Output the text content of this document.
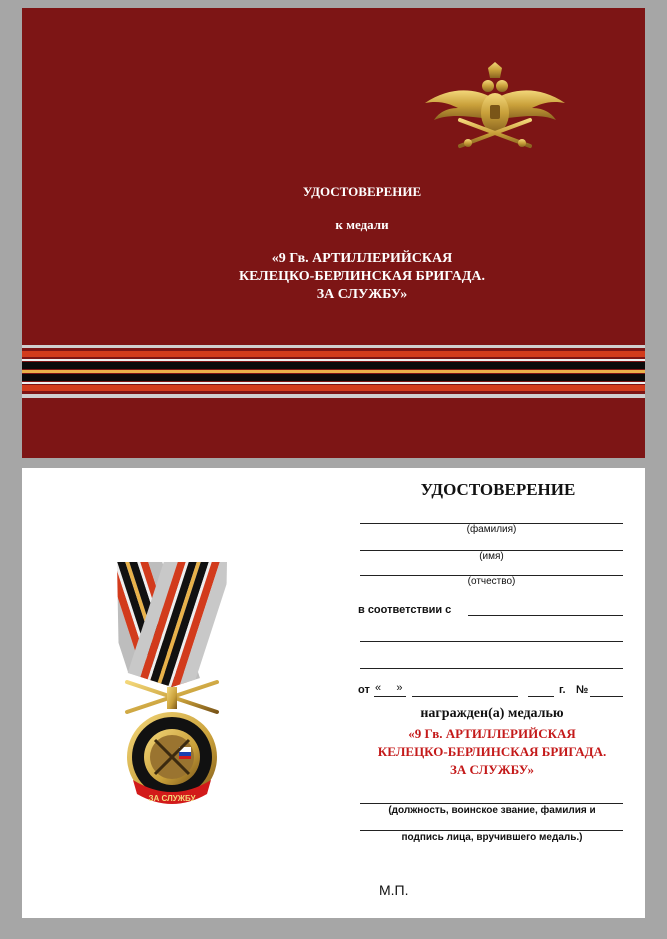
УДОСТОВЕРЕНИЕ
к медали
«9 Гв. АРТИЛЛЕРИЙСКАЯ
КЕЛЕЦКО-БЕРЛИНСКАЯ БРИГАДА.
ЗА СЛУЖБУ»
ЗА СЛУЖБУ
УДОСТОВЕРЕНИЕ
(фамилия)
(имя)
(отчество)
в соответствии с
от «     »	г. №
награжден(а) медалью
«9 Гв. АРТИЛЛЕРИЙСКАЯ
КЕЛЕЦКО-БЕРЛИНСКАЯ БРИГАДА.
ЗА СЛУЖБУ»
(должность, воинское звание, фамилия и
подпись лица, вручившего медаль.)
М.П.
